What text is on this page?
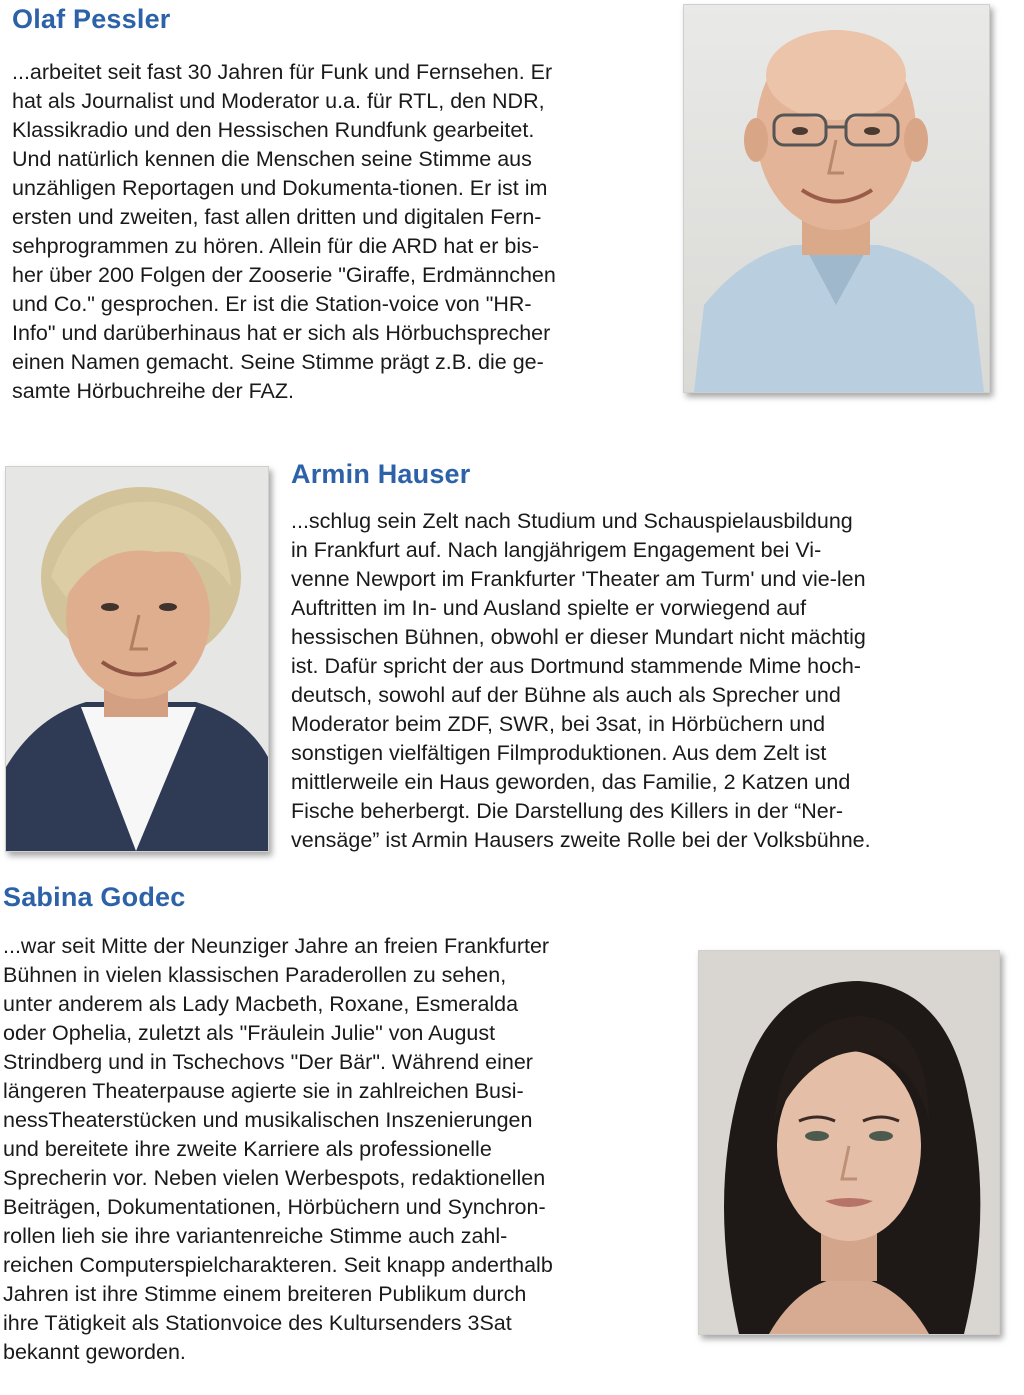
Olaf Pessler
...arbeitet seit fast 30 Jahren für Funk und Fernsehen. Er
hat als Journalist und Moderator u.a. für RTL, den NDR,
Klassikradio und den Hessischen Rundfunk gearbeitet.
Und natürlich kennen die Menschen seine Stimme aus
unzähligen Reportagen und Dokumenta-tionen. Er ist im
ersten und zweiten, fast allen dritten und digitalen Fern-
sehprogrammen zu hören. Allein für die ARD hat er bis-
her über 200 Folgen der Zooserie "Giraffe, Erdmännchen
und Co." gesprochen. Er ist die Station-voice von "HR-
Info" und darüberhinaus hat er sich als Hörbuchsprecher
einen Namen gemacht. Seine Stimme prägt z.B. die ge-
samte Hörbuchreihe der FAZ.
Armin Hauser
...schlug sein Zelt nach Studium und Schauspielausbildung
in Frankfurt auf. Nach langjährigem Engagement bei Vi-
venne Newport im Frankfurter 'Theater am Turm' und vie-len
Auftritten im In- und Ausland spielte er vorwiegend auf
hessischen Bühnen, obwohl er dieser Mundart nicht mächtig
ist. Dafür spricht der aus Dortmund stammende Mime hoch-
deutsch, sowohl auf der Bühne als auch als Sprecher und
Moderator beim ZDF, SWR, bei 3sat, in Hörbüchern und
sonstigen vielfältigen Filmproduktionen. Aus dem Zelt ist
mittlerweile ein Haus geworden, das Familie, 2 Katzen und
Fische beherbergt. Die Darstellung des Killers in der “Ner-
vensäge” ist Armin Hausers zweite Rolle bei der Volksbühne.
Sabina Godec
...war seit Mitte der Neunziger Jahre an freien Frankfurter
Bühnen in vielen klassischen Paraderollen zu sehen,
unter anderem als Lady Macbeth, Roxane, Esmeralda
oder Ophelia, zuletzt als "Fräulein Julie" von August
Strindberg und in Tschechovs "Der Bär". Während einer
längeren Theaterpause agierte sie in zahlreichen Busi-
nessTheaterstücken und musikalischen Inszenierungen
und bereitete ihre zweite Karriere als professionelle
Sprecherin vor. Neben vielen Werbespots, redaktionellen
Beiträgen, Dokumentationen, Hörbüchern und Synchron-
rollen lieh sie ihre variantenreiche Stimme auch zahl-
reichen Computerspielcharakteren. Seit knapp anderthalb
Jahren ist ihre Stimme einem breiteren Publikum durch
ihre Tätigkeit als Stationvoice des Kultursenders 3Sat
bekannt geworden.
